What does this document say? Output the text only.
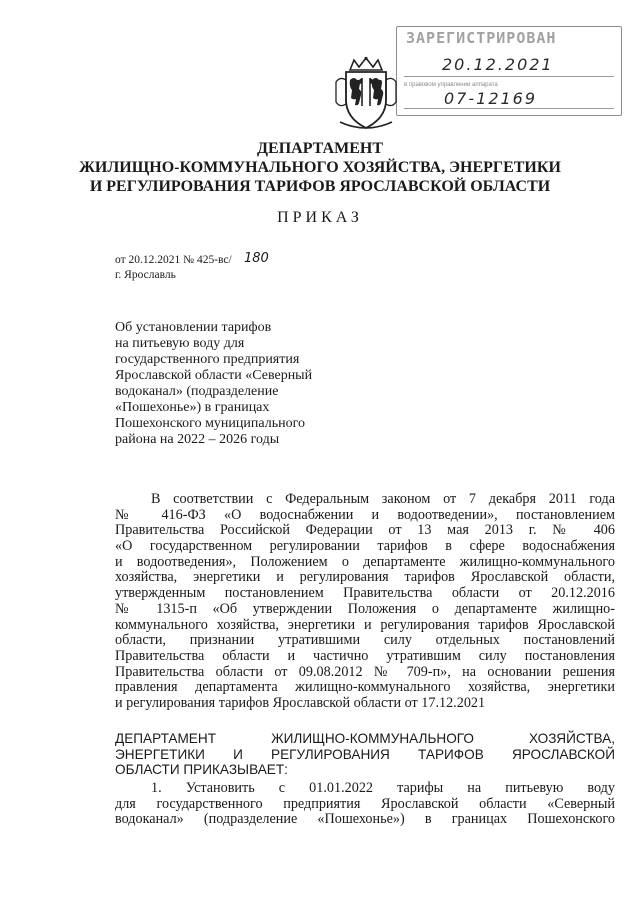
ЗАРЕГИСТРИРОВАН
в правовом управлении аппарата
20.12.2021
07-12169
ДЕПАРТАМЕНТ
ЖИЛИЩНО-КОММУНАЛЬНОГО ХОЗЯЙСТВА, ЭНЕРГЕТИКИ
И РЕГУЛИРОВАНИЯ ТАРИФОВ ЯРОСЛАВСКОЙ ОБЛАСТИ
ПРИКАЗ
от 20.12.2021 № 425-вс/ 180
г. Ярославль
Об установлении тарифов
на питьевую воду для
государственного предприятия
Ярославской области «Северный
водоканал» (подразделение
«Пошехонье») в границах
Пошехонского муниципального
района на 2022 – 2026 годы
В соответствии с Федеральным законом от 7 декабря 2011 года
№ 416-ФЗ «О водоснабжении и водоотведении», постановлением
Правительства Российской Федерации от 13 мая 2013 г. № 406
«О государственном регулировании тарифов в сфере водоснабжения
и водоотведения», Положением о департаменте жилищно-коммунального
хозяйства, энергетики и регулирования тарифов Ярославской области,
утвержденным постановлением Правительства области от 20.12.2016
№ 1315-п «Об утверждении Положения о департаменте жилищно-
коммунального хозяйства, энергетики и регулирования тарифов Ярославской
области, признании утратившими силу отдельных постановлений
Правительства области и частично утратившим силу постановления
Правительства области от 09.08.2012 № 709-п», на основании решения
правления департамента жилищно-коммунального хозяйства, энергетики
и регулирования тарифов Ярославской области от 17.12.2021
ДЕПАРТАМЕНТ ЖИЛИЩНО-КОММУНАЛЬНОГО ХОЗЯЙСТВА,
ЭНЕРГЕТИКИ И РЕГУЛИРОВАНИЯ ТАРИФОВ ЯРОСЛАВСКОЙ
ОБЛАСТИ ПРИКАЗЫВАЕТ:
1. Установить с 01.01.2022 тарифы на питьевую воду
для государственного предприятия Ярославской области «Северный
водоканал» (подразделение «Пошехонье») в границах Пошехонского
